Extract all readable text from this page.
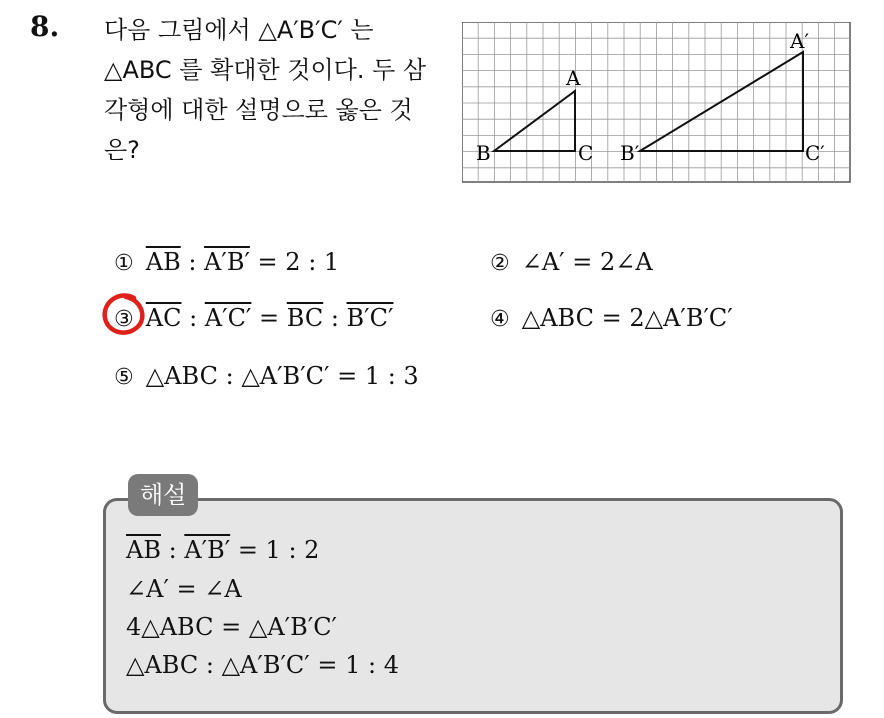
8. 다음 그림에서 △A′B′C′ 는 △ABC 를 확대한 것이다. 두 삼각형에 대한 설명으로 옳은 것은?

A
B	C
A′
B′	C′
① $\overline{AB}$ : A′B′ = 2 : 1	② ∠A′ = 2∠A
③ $\overline{AC}$ : $A'C' = \overline{BC}$ : B′C′	④ △ABC = 2△A′B′C′
⑤ △ABC : △A′B′C′ = 1 : 3
해설
$\overline{AB}$ : A′B′ = 1 : 2
∠A′ = ∠A
4△ABC = △A′B′C′
△ABC : △A′B′C′ = 1 : 4
